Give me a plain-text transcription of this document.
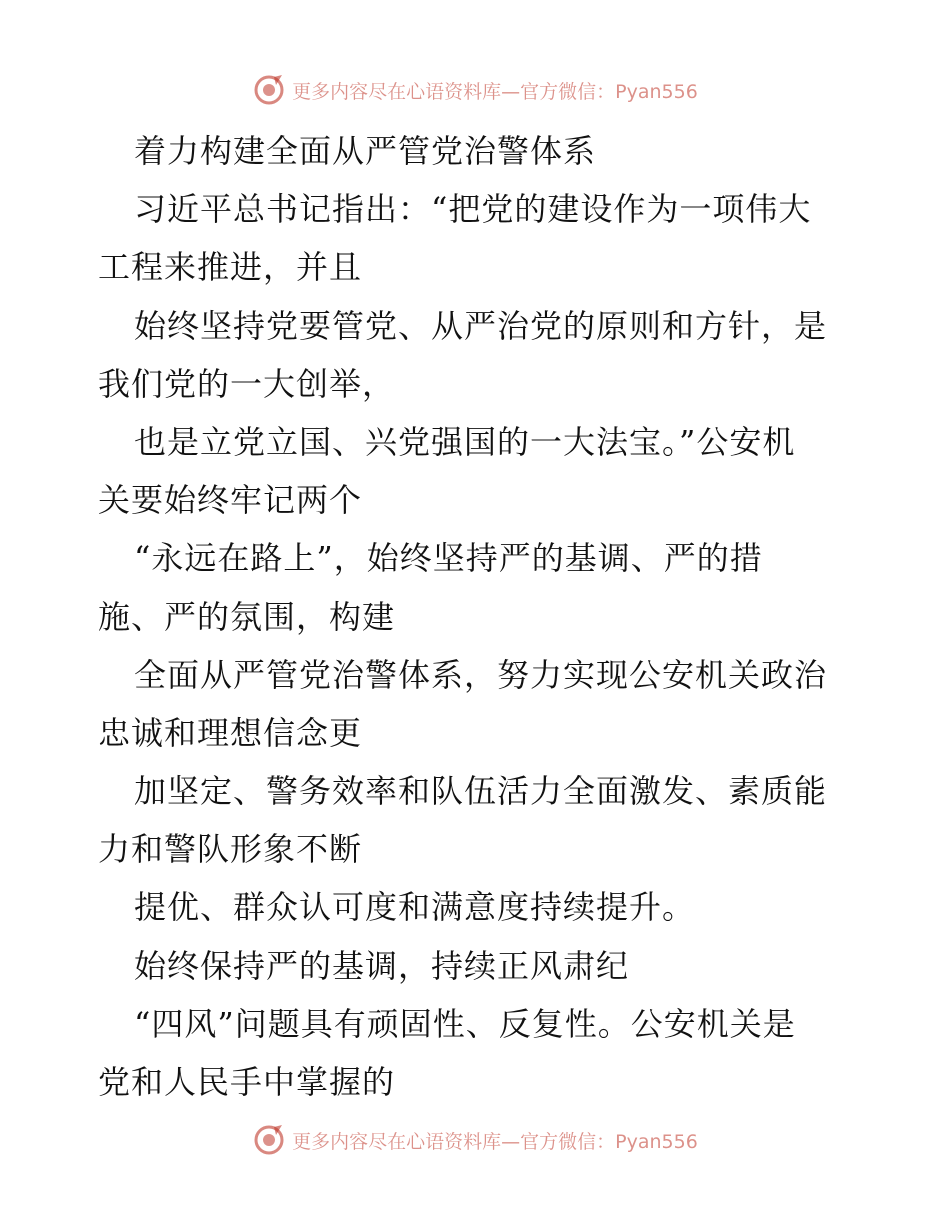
更多内容尽在心语资料库—官方微信：Pyan556
着力构建全面从严管党治警体系
习近平总书记指出：“把党的建设作为一项伟大
工程来推进，并且
始终坚持党要管党、从严治党的原则和方针，是
我们党的一大创举，
也是立党立国、兴党强国的一大法宝。”公安机
关要始终牢记两个
“永远在路上”，始终坚持严的基调、严的措
施、严的氛围，构建
全面从严管党治警体系，努力实现公安机关政治
忠诚和理想信念更
加坚定、警务效率和队伍活力全面激发、素质能
力和警队形象不断
提优、群众认可度和满意度持续提升。
始终保持严的基调，持续正风肃纪
“四风”问题具有顽固性、反复性。公安机关是
党和人民手中掌握的
更多内容尽在心语资料库—官方微信：Pyan556
